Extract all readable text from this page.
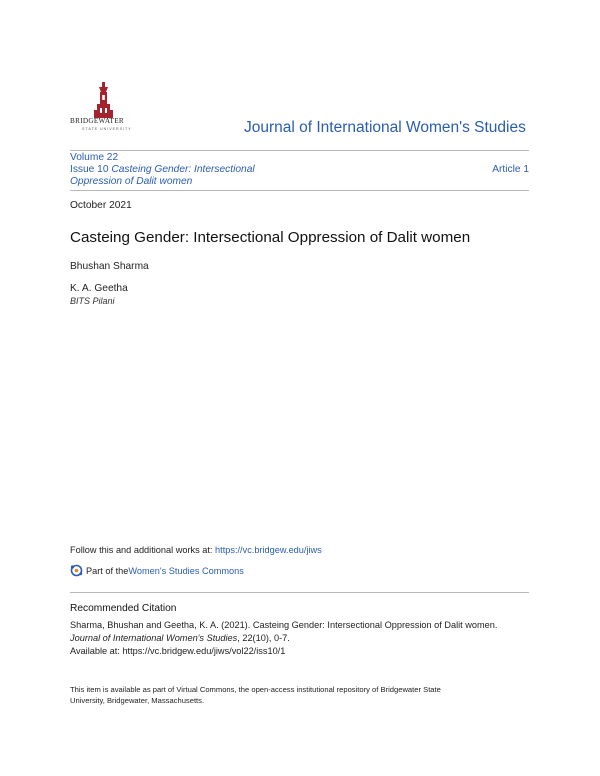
BRIDGEWATER
STATE UNIVERSITY	Journal of International Women's Studies
Volume 22
Issue 10 Casteing Gender: Intersectional
Oppression of Dalit women
Article 1
October 2021
Casteing Gender: Intersectional Oppression of Dalit women
Bhushan Sharma
K. A. Geetha
BITS Pilani
Follow this and additional works at: https://vc.bridgew.edu/jiws
Part of the Women's Studies Commons
Recommended Citation
Sharma, Bhushan and Geetha, K. A. (2021). Casteing Gender: Intersectional Oppression of Dalit women.
Journal of International Women's Studies, 22(10), 0-7.
Available at: https://vc.bridgew.edu/jiws/vol22/iss10/1
This item is available as part of Virtual Commons, the open-access institutional repository of Bridgewater State
University, Bridgewater, Massachusetts.
